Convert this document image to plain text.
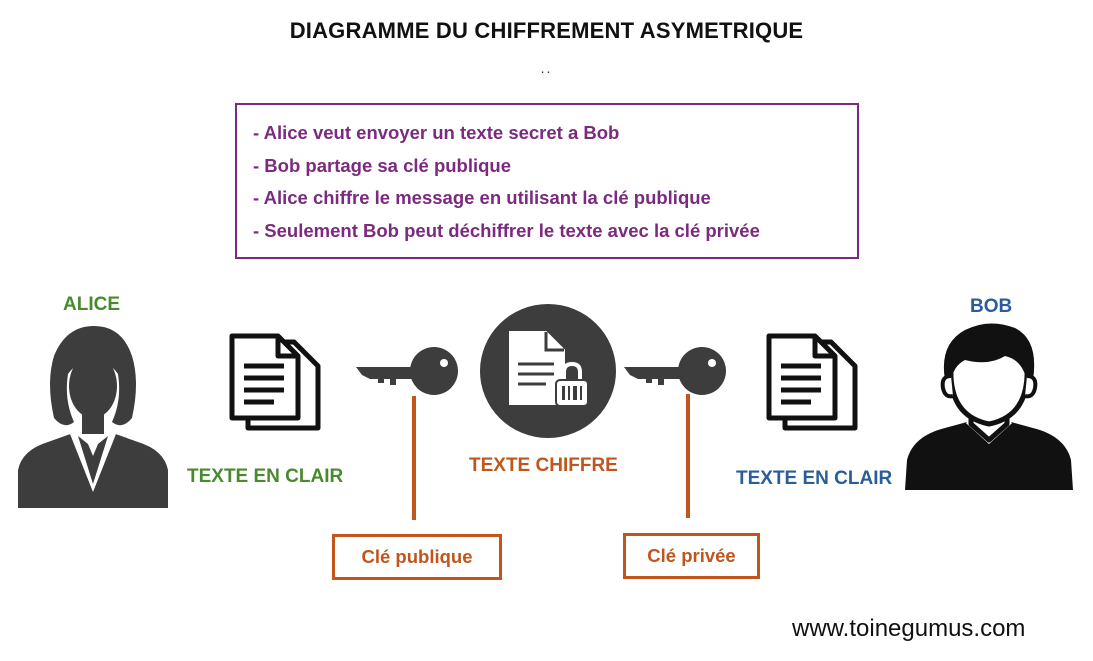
DIAGRAMME DU CHIFFREMENT ASYMETRIQUE
..
- Alice veut envoyer un texte secret a Bob
- Bob partage sa clé publique
- Alice chiffre le message en utilisant la clé publique
- Seulement Bob peut déchiffrer le texte avec la clé privée
ALICE
TEXTE EN CLAIR
Clé publique
TEXTE CHIFFRE
Clé privée
TEXTE EN CLAIR
BOB
www.toinegumus.com
